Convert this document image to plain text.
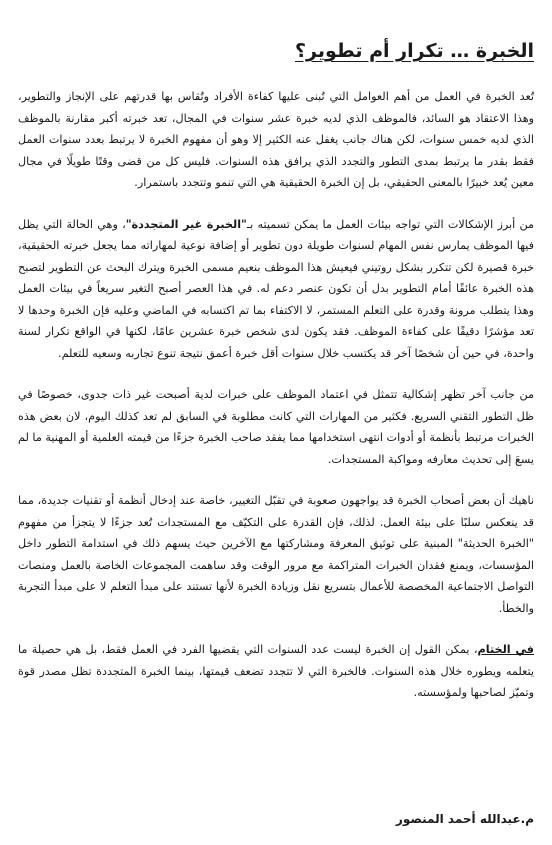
الخبرة … تكرار أم تطوير؟

تُعد الخبرة في العمل من أهم العوامل التي تُبنى عليها كفاءة الأفراد وتُقاس بها قدرتهم على الإنجاز والتطوير، وهذا الاعتقاد هو السائد، فالموظف الذي لديه خبرة عشر سنوات في المجال، تعد خبرته أكبر مقارنة بالموظف الذي لديه خمس سنوات، لكن هناك جانب يغفل عنه الكثير إلا وهو أن مفهوم الخبرة لا يرتبط بعدد سنوات العمل فقط بقدر ما يرتبط بمدى التطور والتجدد الذي يرافق هذه السنوات. فليس كل من قضى وقتًا طويلًا في مجال معين يُعد خبيرًا بالمعنى الحقيقي، بل إن الخبرة الحقيقية هي التي تنمو وتتجدد باستمرار.

من أبرز الإشكالات التي تواجه بيئات العمل ما يمكن تسميته بـ"الخبرة غير المتجددة"، وهي الحالة التي يظل فيها الموظف يمارس نفس المهام لسنوات طويلة دون تطوير أو إضافة نوعية لمهاراته مما يجعل خبرته الحقيقية، خبرة قصيرة لكن تتكرر بشكل روتيني فيعيش هذا الموظف بنعيم مسمى الخبرة ويترك البحث عن التطوير لتصبح هذه الخبرة عائقًا أمام التطوير بدل أن تكون عنصر دعم له. في هذا العصر أصبح التغير سريعاً في بيئات العمل وهذا يتطلب مرونة وقدرة على التعلم المستمر، لا الاكتفاء بما تم اكتسابه في الماضي وعليه فإن الخبرة وحدها لا تعد مؤشرًا دقيقًا على كفاءة الموظف. فقد يكون لدى شخص خبرة عشرين عامًا، لكنها في الواقع تكرار لسنة واحدة، في حين أن شخصًا آخر قد يكتسب خلال سنوات أقل خبرة أعمق نتيجة تنوع تجاربه وسعيه للتعلم.

من جانب آخر تظهر إشكالية تتمثل في اعتماد الموظف على خبرات لدية أصبحت غير ذات جدوى، خصوصًا في ظل التطور التقني السريع. فكثير من المهارات التي كانت مطلوبة في السابق لم تعد كذلك اليوم، لان بعض هذه الخبرات مرتبط بأنظمة أو أدوات انتهى استخدامها مما يفقد صاحب الخبرة جزءًا من قيمته العلمية أو المهنية ما لم يسعَ إلى تحديث معارفه ومواكبة المستجدات.

ناهيك أن بعض أصحاب الخبرة قد يواجهون صعوبة في تقبّل التغيير، خاصة عند إدخال أنظمة أو تقنيات جديدة، مما قد ينعكس سلبًا على بيئة العمل. لذلك، فإن القدرة على التكيّف مع المستجدات تُعد جزءًا لا يتجزأ من مفهوم "الخبرة الحديثة" المبنية على توثيق المعرفة ومشاركتها مع الآخرين حيث يسهم ذلك في استدامة التطور داخل المؤسسات، ويمنع فقدان الخبرات المتراكمة مع مرور الوقت وقد ساهمت المجموعات الخاصة بالعمل ومنصات التواصل الاجتماعية المخصصة للأعمال بتسريع نقل وزيادة الخبرة لأنها تستند على مبدأ التعلم لا على مبدأ التجربة والخطأ.

في الختام، يمكن القول إن الخبرة ليست عدد السنوات التي يقضيها الفرد في العمل فقط، بل هي حصيلة ما يتعلمه ويطوره خلال هذه السنوات. فالخبرة التي لا تتجدد تضعف قيمتها، بينما الخبرة المتجددة تظل مصدر قوة وتميّز لصاحبها ولمؤسسته.

م.عبدالله أحمد المنصور
